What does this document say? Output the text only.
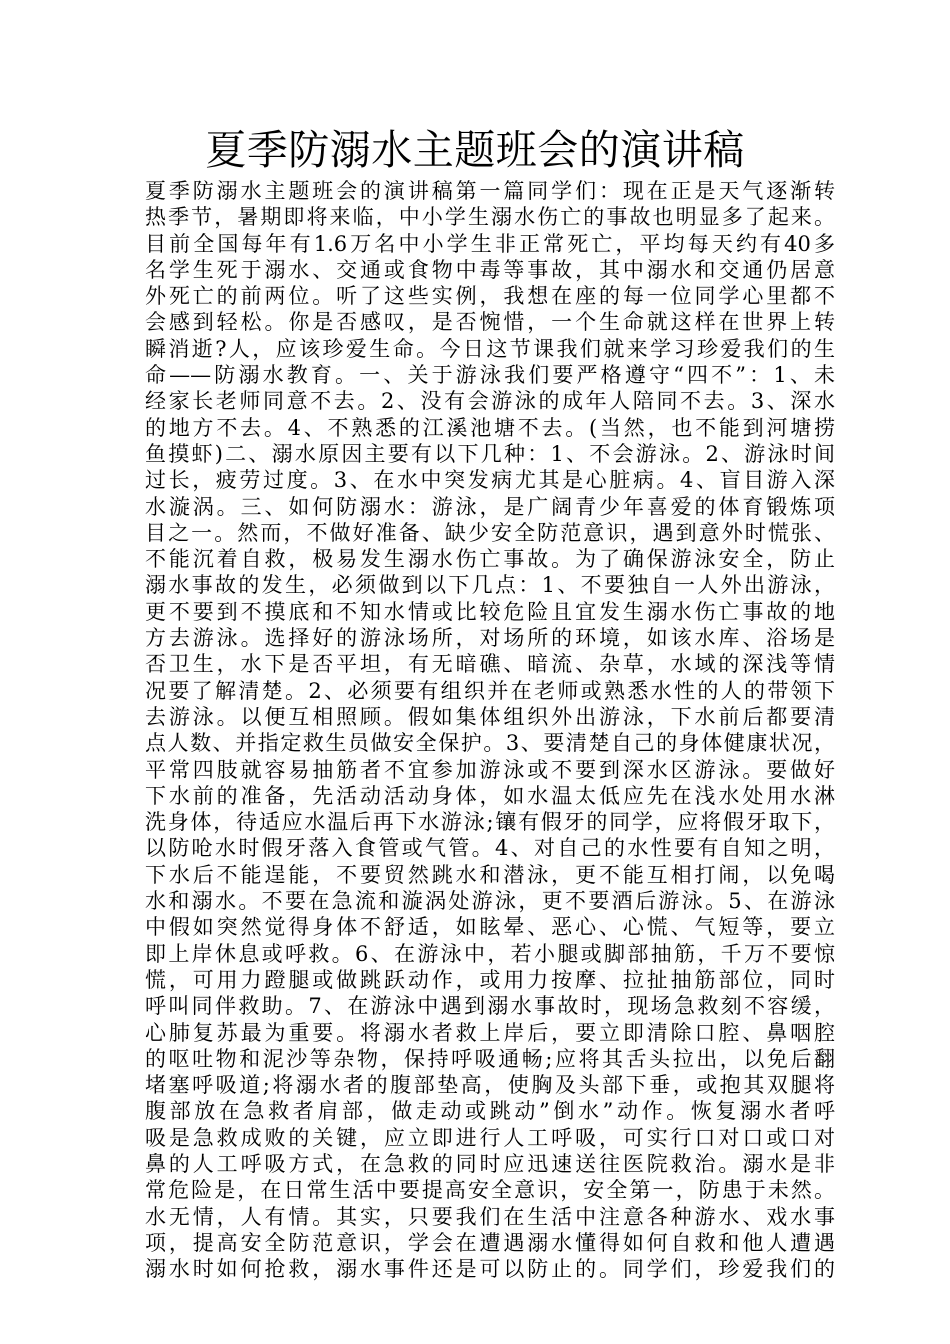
夏季防溺水主题班会的演讲稿
夏季防溺水主题班会的演讲稿第一篇同学们：现在正是天气逐渐转
热季节，暑期即将来临，中小学生溺水伤亡的事故也明显多了起来。
目前全国每年有1.6万名中小学生非正常死亡，平均每天约有40多
名学生死于溺水、交通或食物中毒等事故，其中溺水和交通仍居意
外死亡的前两位。听了这些实例，我想在座的每一位同学心里都不
会感到轻松。你是否感叹，是否惋惜，一个生命就这样在世界上转
瞬消逝?人，应该珍爱生命。今日这节课我们就来学习珍爱我们的生
命——防溺水教育。一、关于游泳我们要严格遵守“四不”：1、未
经家长老师同意不去。2、没有会游泳的成年人陪同不去。3、深水
的地方不去。4、不熟悉的江溪池塘不去。(当然，也不能到河塘捞
鱼摸虾)二、溺水原因主要有以下几种：1、不会游泳。2、游泳时间
过长，疲劳过度。3、在水中突发病尤其是心脏病。4、盲目游入深
水漩涡。三、如何防溺水：游泳，是广阔青少年喜爱的体育锻炼项
目之一。然而，不做好准备、缺少安全防范意识，遇到意外时慌张、
不能沉着自救，极易发生溺水伤亡事故。为了确保游泳安全，防止
溺水事故的发生，必须做到以下几点：1、不要独自一人外出游泳，
更不要到不摸底和不知水情或比较危险且宜发生溺水伤亡事故的地
方去游泳。选择好的游泳场所，对场所的环境，如该水库、浴场是
否卫生，水下是否平坦，有无暗礁、暗流、杂草，水域的深浅等情
况要了解清楚。2、必须要有组织并在老师或熟悉水性的人的带领下
去游泳。以便互相照顾。假如集体组织外出游泳，下水前后都要清
点人数、并指定救生员做安全保护。3、要清楚自己的身体健康状况，
平常四肢就容易抽筋者不宜参加游泳或不要到深水区游泳。要做好
下水前的准备，先活动活动身体，如水温太低应先在浅水处用水淋
洗身体，待适应水温后再下水游泳;镶有假牙的同学，应将假牙取下，
以防呛水时假牙落入食管或气管。4、对自己的水性要有自知之明，
下水后不能逞能，不要贸然跳水和潜泳，更不能互相打闹，以免喝
水和溺水。不要在急流和漩涡处游泳，更不要酒后游泳。5、在游泳
中假如突然觉得身体不舒适，如眩晕、恶心、心慌、气短等，要立
即上岸休息或呼救。6、在游泳中，若小腿或脚部抽筋，千万不要惊
慌，可用力蹬腿或做跳跃动作，或用力按摩、拉扯抽筋部位，同时
呼叫同伴救助。7、在游泳中遇到溺水事故时，现场急救刻不容缓，
心肺复苏最为重要。将溺水者救上岸后，要立即清除口腔、鼻咽腔
的呕吐物和泥沙等杂物，保持呼吸通畅;应将其舌头拉出，以免后翻
堵塞呼吸道;将溺水者的腹部垫高，使胸及头部下垂，或抱其双腿将
腹部放在急救者肩部，做走动或跳动”倒水”动作。恢复溺水者呼
吸是急救成败的关键，应立即进行人工呼吸，可实行口对口或口对
鼻的人工呼吸方式，在急救的同时应迅速送往医院救治。溺水是非
常危险是，在日常生活中要提高安全意识，安全第一，防患于未然。
水无情，人有情。其实，只要我们在生活中注意各种游水、戏水事
项，提高安全防范意识，学会在遭遇溺水懂得如何自救和他人遭遇
溺水时如何抢救，溺水事件还是可以防止的。同学们，珍爱我们的
